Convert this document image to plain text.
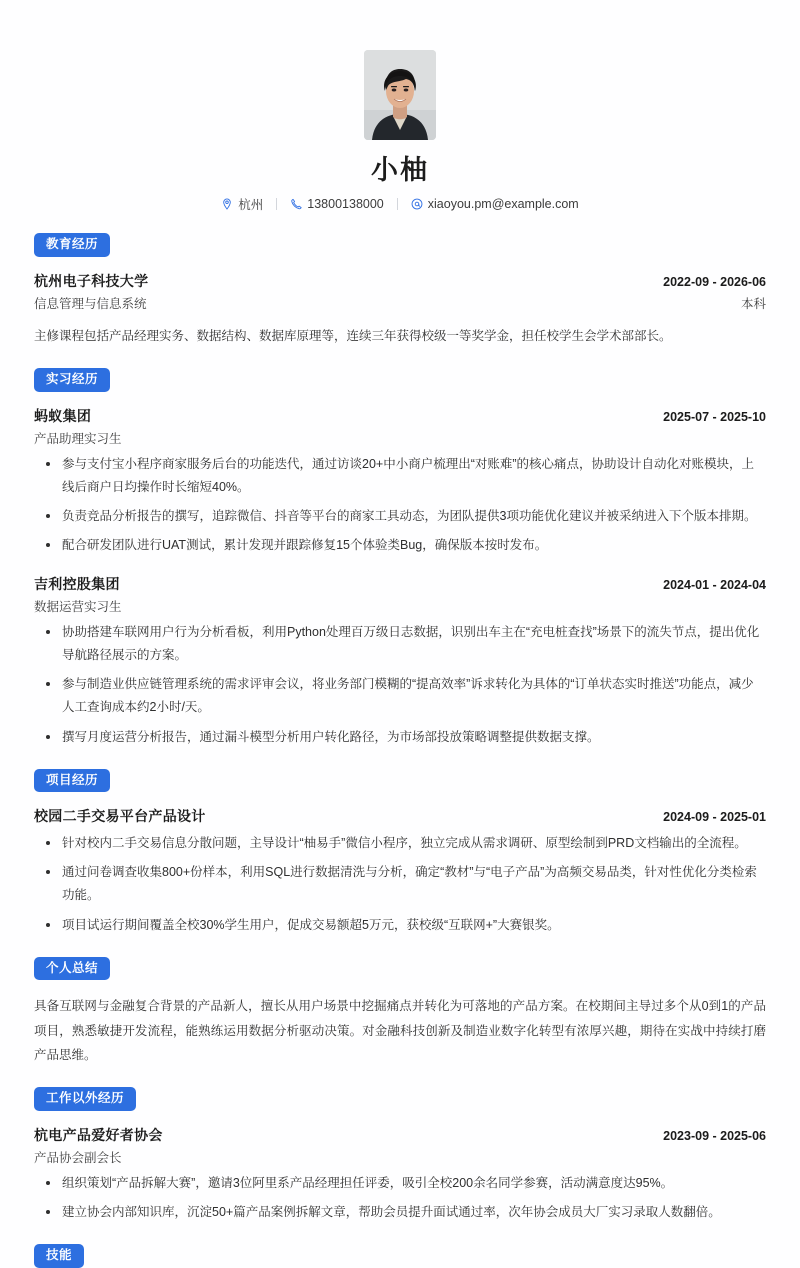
小柚
杭州	13800138000	xiaoyou.pm@example.com
教育经历
杭州电子科技大学	2022-09 - 2026-06
信息管理与信息系统	本科
主修课程包括产品经理实务、数据结构、数据库原理等，连续三年获得校级一等奖学金，担任校学生会学术部部长。
实习经历
蚂蚁集团	2025-07 - 2025-10
产品助理实习生
参与支付宝小程序商家服务后台的功能迭代，通过访谈20+中小商户梳理出“对账难”的核心痛点，协助设计自动化对账模块，上线后商户日均操作时长缩短40%。
负责竞品分析报告的撰写，追踪微信、抖音等平台的商家工具动态，为团队提供3项功能优化建议并被采纳进入下个版本排期。
配合研发团队进行UAT测试，累计发现并跟踪修复15个体验类Bug，确保版本按时发布。
吉利控股集团	2024-01 - 2024-04
数据运营实习生
协助搭建车联网用户行为分析看板，利用Python处理百万级日志数据，识别出车主在“充电桩查找”场景下的流失节点，提出优化导航路径展示的方案。
参与制造业供应链管理系统的需求评审会议，将业务部门模糊的“提高效率”诉求转化为具体的“订单状态实时推送”功能点，减少人工查询成本约2小时/天。
撰写月度运营分析报告，通过漏斗模型分析用户转化路径，为市场部投放策略调整提供数据支撑。
项目经历
校园二手交易平台产品设计	2024-09 - 2025-01
针对校内二手交易信息分散问题，主导设计“柚易手”微信小程序，独立完成从需求调研、原型绘制到PRD文档输出的全流程。
通过问卷调查收集800+份样本，利用SQL进行数据清洗与分析，确定“教材”与“电子产品”为高频交易品类，针对性优化分类检索功能。
项目试运行期间覆盖全校30%学生用户，促成交易额超5万元，获校级“互联网+”大赛银奖。
个人总结
具备互联网与金融复合背景的产品新人，擅长从用户场景中挖掘痛点并转化为可落地的产品方案。在校期间主导过多个从0到1的产品项目，熟悉敏捷开发流程，能熟练运用数据分析驱动决策。对金融科技创新及制造业数字化转型有浓厚兴趣，期待在实战中持续打磨产品思维。
工作以外经历
杭电产品爱好者协会	2023-09 - 2025-06
产品协会副会长
组织策划“产品拆解大赛”，邀请3位阿里系产品经理担任评委，吸引全校200余名同学参赛，活动满意度达95%。
建立协会内部知识库，沉淀50+篇产品案例拆解文章，帮助会员提升面试通过率，次年协会成员大厂实习录取人数翻倍。
技能
